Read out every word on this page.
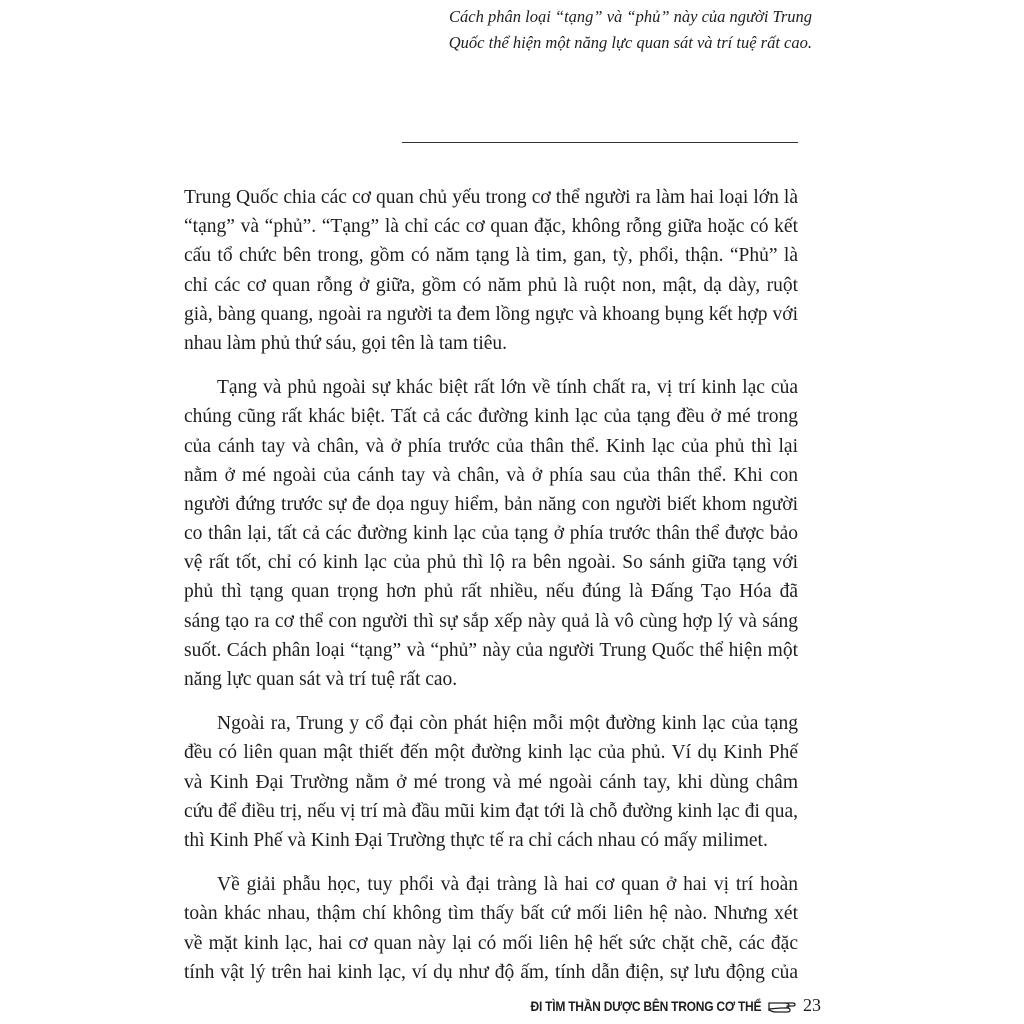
Cách phân loại “tạng” và “phủ” này của người Trung
Quốc thể hiện một năng lực quan sát và trí tuệ rất cao.

Trung Quốc chia các cơ quan chủ yếu trong cơ thể người ra làm hai loại lớn là
“tạng” và “phủ”. “Tạng” là chỉ các cơ quan đặc, không rỗng giữa hoặc có kết
cấu tổ chức bên trong, gồm có năm tạng là tim, gan, tỳ, phổi, thận. “Phủ” là
chỉ các cơ quan rỗng ở giữa, gồm có năm phủ là ruột non, mật, dạ dày, ruột
già, bàng quang, ngoài ra người ta đem lồng ngực và khoang bụng kết hợp với
nhau làm phủ thứ sáu, gọi tên là tam tiêu.

Tạng và phủ ngoài sự khác biệt rất lớn về tính chất ra, vị trí kinh lạc của
chúng cũng rất khác biệt. Tất cả các đường kinh lạc của tạng đều ở mé trong
của cánh tay và chân, và ở phía trước của thân thể. Kinh lạc của phủ thì lại
nằm ở mé ngoài của cánh tay và chân, và ở phía sau của thân thể. Khi con
người đứng trước sự đe dọa nguy hiểm, bản năng con người biết khom người
co thân lại, tất cả các đường kinh lạc của tạng ở phía trước thân thể được bảo
vệ rất tốt, chỉ có kinh lạc của phủ thì lộ ra bên ngoài. So sánh giữa tạng với
phủ thì tạng quan trọng hơn phủ rất nhiều, nếu đúng là Đấng Tạo Hóa đã
sáng tạo ra cơ thể con người thì sự sắp xếp này quả là vô cùng hợp lý và sáng
suốt. Cách phân loại “tạng” và “phủ” này của người Trung Quốc thể hiện một
năng lực quan sát và trí tuệ rất cao.

Ngoài ra, Trung y cổ đại còn phát hiện mỗi một đường kinh lạc của tạng
đều có liên quan mật thiết đến một đường kinh lạc của phủ. Ví dụ Kinh Phế
và Kinh Đại Trường nằm ở mé trong và mé ngoài cánh tay, khi dùng châm
cứu để điều trị, nếu vị trí mà đầu mũi kim đạt tới là chỗ đường kinh lạc đi qua,
thì Kinh Phế và Kinh Đại Trường thực tế ra chỉ cách nhau có mấy milimet.

Về giải phẫu học, tuy phổi và đại tràng là hai cơ quan ở hai vị trí hoàn
toàn khác nhau, thậm chí không tìm thấy bất cứ mối liên hệ nào. Nhưng xét
về mặt kinh lạc, hai cơ quan này lại có mối liên hệ hết sức chặt chẽ, các đặc
tính vật lý trên hai kinh lạc, ví dụ như độ ấm, tính dẫn điện, sự lưu động của

ĐI TÌM THẦN DƯỢC BÊN TRONG CƠ THỂ 23
